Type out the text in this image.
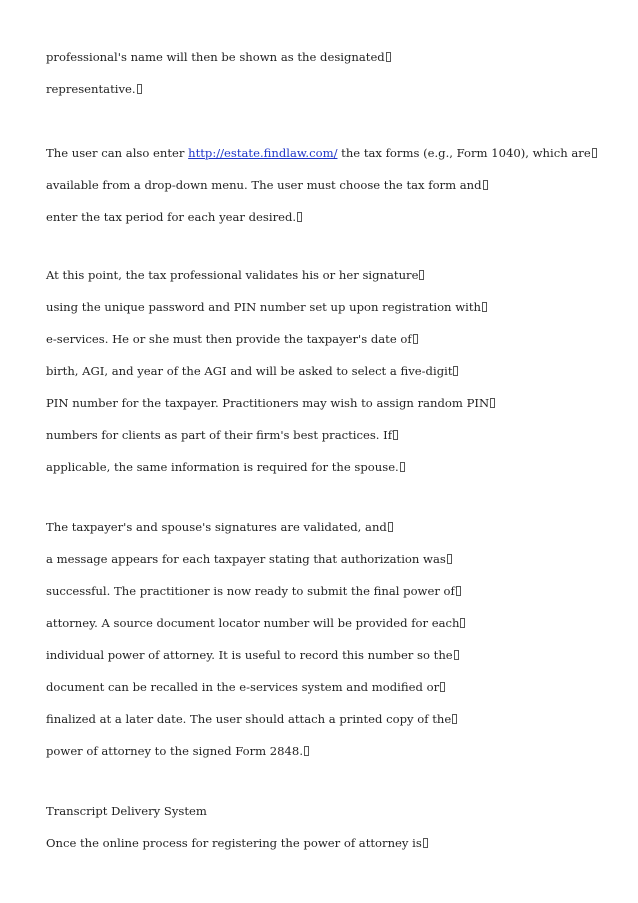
professional's name will then be shown as the designated

representative.

The user can also enter http://estate.findlaw.com/ the tax forms (e.g., Form 1040), which are

available from a drop-down menu. The user must choose the tax form and

enter the tax period for each year desired.

At this point, the tax professional validates his or her signature

using the unique password and PIN number set up upon registration with

e-services. He or she must then provide the taxpayer's date of

birth, AGI, and year of the AGI and will be asked to select a five-digit

PIN number for the taxpayer. Practitioners may wish to assign random PIN

numbers for clients as part of their firm's best practices. If

applicable, the same information is required for the spouse.

The taxpayer's and spouse's signatures are validated, and

a message appears for each taxpayer stating that authorization was

successful. The practitioner is now ready to submit the final power of

attorney. A source document locator number will be provided for each

individual power of attorney. It is useful to record this number so the

document can be recalled in the e-services system and modified or

finalized at a later date. The user should attach a printed copy of the

power of attorney to the signed Form 2848.

Transcript Delivery System

Once the online process for registering the power of attorney is
